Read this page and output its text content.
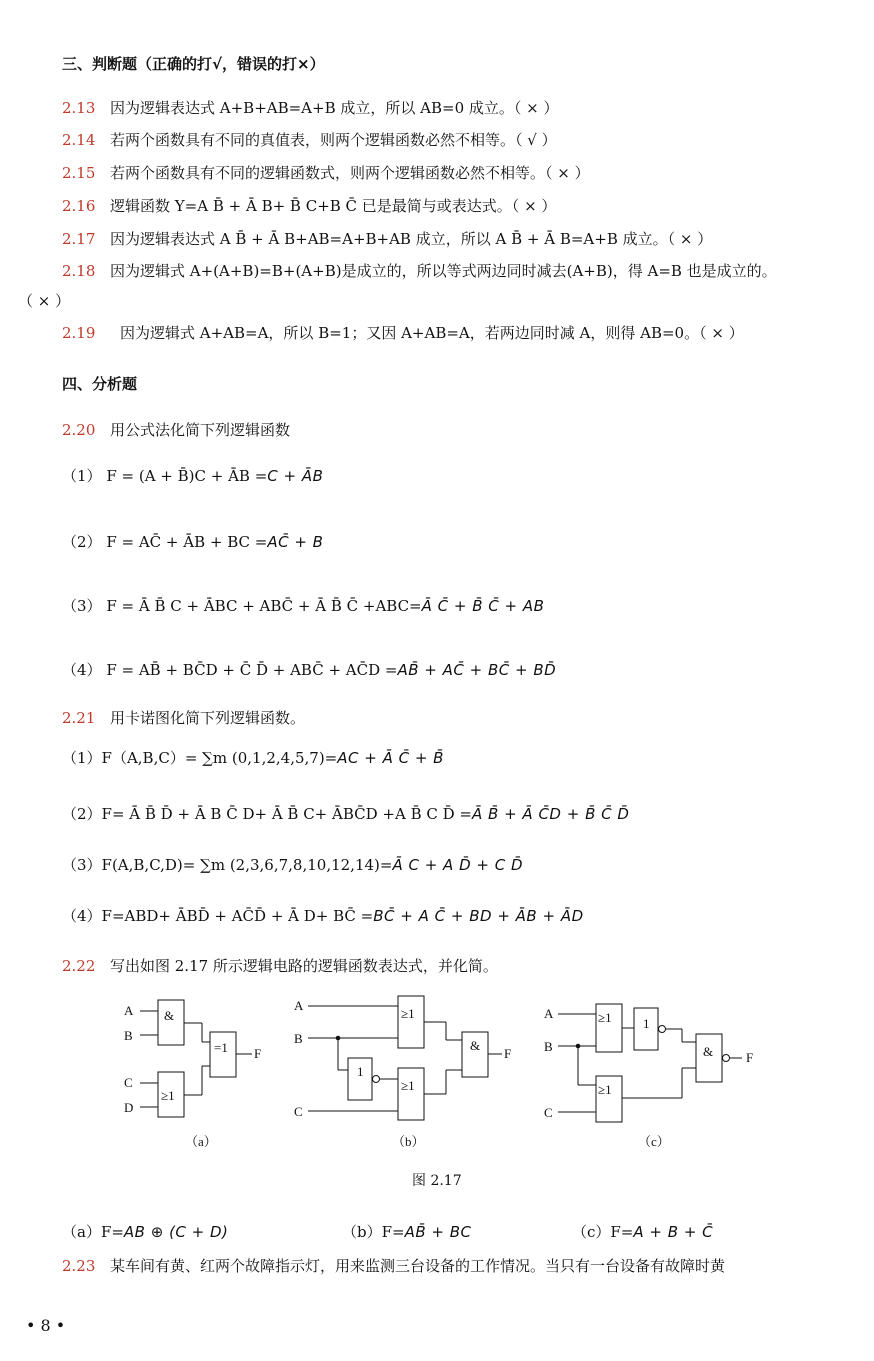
三、判断题（正确的打√，错误的打×）
2.13 因为逻辑表达式 A+B+AB=A+B 成立，所以 AB=0 成立。（ × ）
2.14 若两个函数具有不同的真值表，则两个逻辑函数必然不相等。（ √ ）
2.15 若两个函数具有不同的逻辑函数式，则两个逻辑函数必然不相等。（ × ）
2.16 逻辑函数 Y=A B̄ + Ā B+ B̄ C+B C̄ 已是最简与或表达式。（ × ）
2.17 因为逻辑表达式 A B̄ + Ā B+AB=A+B+AB 成立，所以 A B̄ + Ā B=A+B 成立。（ × ）
2.18 因为逻辑式 A+(A+B)=B+(A+B)是成立的，所以等式两边同时减去(A+B)，得 A=B 也是成立的。
（ × ）
2.19 因为逻辑式 A+AB=A，所以 B=1；又因 A+AB=A，若两边同时减 A，则得 AB=0。（ × ）
四、分析题
2.20 用公式法化简下列逻辑函数
（1） F = (A + B̄)C + ĀB =C + ĀB
（2） F = AC̄ + ĀB + BC =AC̄ + B
（3） F = Ā B̄ C + ĀBC + ABC̄ + Ā B̄ C̄ +ABC=Ā C̄ + B̄ C̄ + AB
（4） F = AB̄ + BC̄D + C̄ D̄ + ABC̄ + AC̄D =AB̄ + AC̄ + BC̄ + BD̄
2.21 用卡诺图化简下列逻辑函数。
（1）F（A,B,C）= ∑m (0,1,2,4,5,7)=AC + Ā C̄ + B̄
（2）F= Ā B̄ D̄ + Ā B C̄ D+ Ā B̄ C+ ĀBC̄D +A B̄ C D̄ =Ā B̄ + Ā C̄D + B̄ C̄ D̄
（3）F(A,B,C,D)= ∑m (2,3,6,7,8,10,12,14)=Ā C + A D̄ + C D̄
（4）F=ABD+ ĀBD̄ + AC̄D̄ + Ā D+ BC̄ =BC̄ + A C̄ + BD + ĀB + ĀD
2.22 写出如图 2.17 所示逻辑电路的逻辑函数表达式，并化简。
A
B
C
D
&
≥1
=1 F
（a）
A
B
C
≥1
1
≥1
&
F
（b）
A
B
C
≥1 1
≥1
&	F
（c）
图 2.17
（a）F=AB ⊕ (C + D)	（b）F=AB̄ + BC	（c）F=A + B + C̄
2.23 某车间有黄、红两个故障指示灯，用来监测三台设备的工作情况。当只有一台设备有故障时黄
• 8 •
